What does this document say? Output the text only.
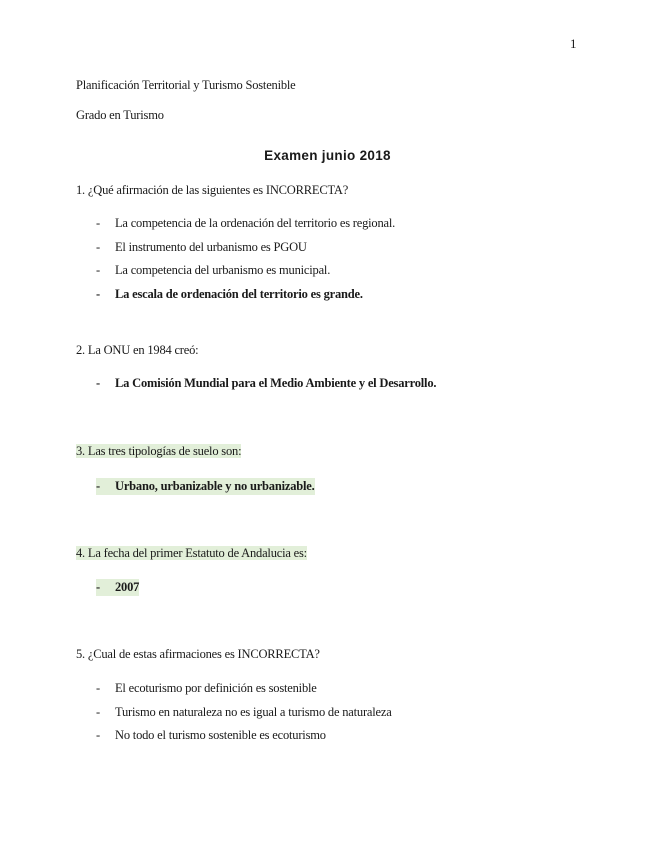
1
Planificación Territorial y Turismo Sostenible
Grado en Turismo
Examen junio 2018
1. ¿Qué afirmación de las siguientes es INCORRECTA?
- La competencia de la ordenación del territorio es regional.
- El instrumento del urbanismo es PGOU
- La competencia del urbanismo es municipal.
- La escala de ordenación del territorio es grande.
2. La ONU en 1984 creó:
- La Comisión Mundial para el Medio Ambiente y el Desarrollo.
3. Las tres tipologías de suelo son:
- Urbano, urbanizable y no urbanizable.
4. La fecha del primer Estatuto de Andalucia es:
- 2007
5. ¿Cual de estas afirmaciones es INCORRECTA?
- El ecoturismo por definición es sostenible
- Turismo en naturaleza no es igual a turismo de naturaleza
- No todo el turismo sostenible es ecoturismo
